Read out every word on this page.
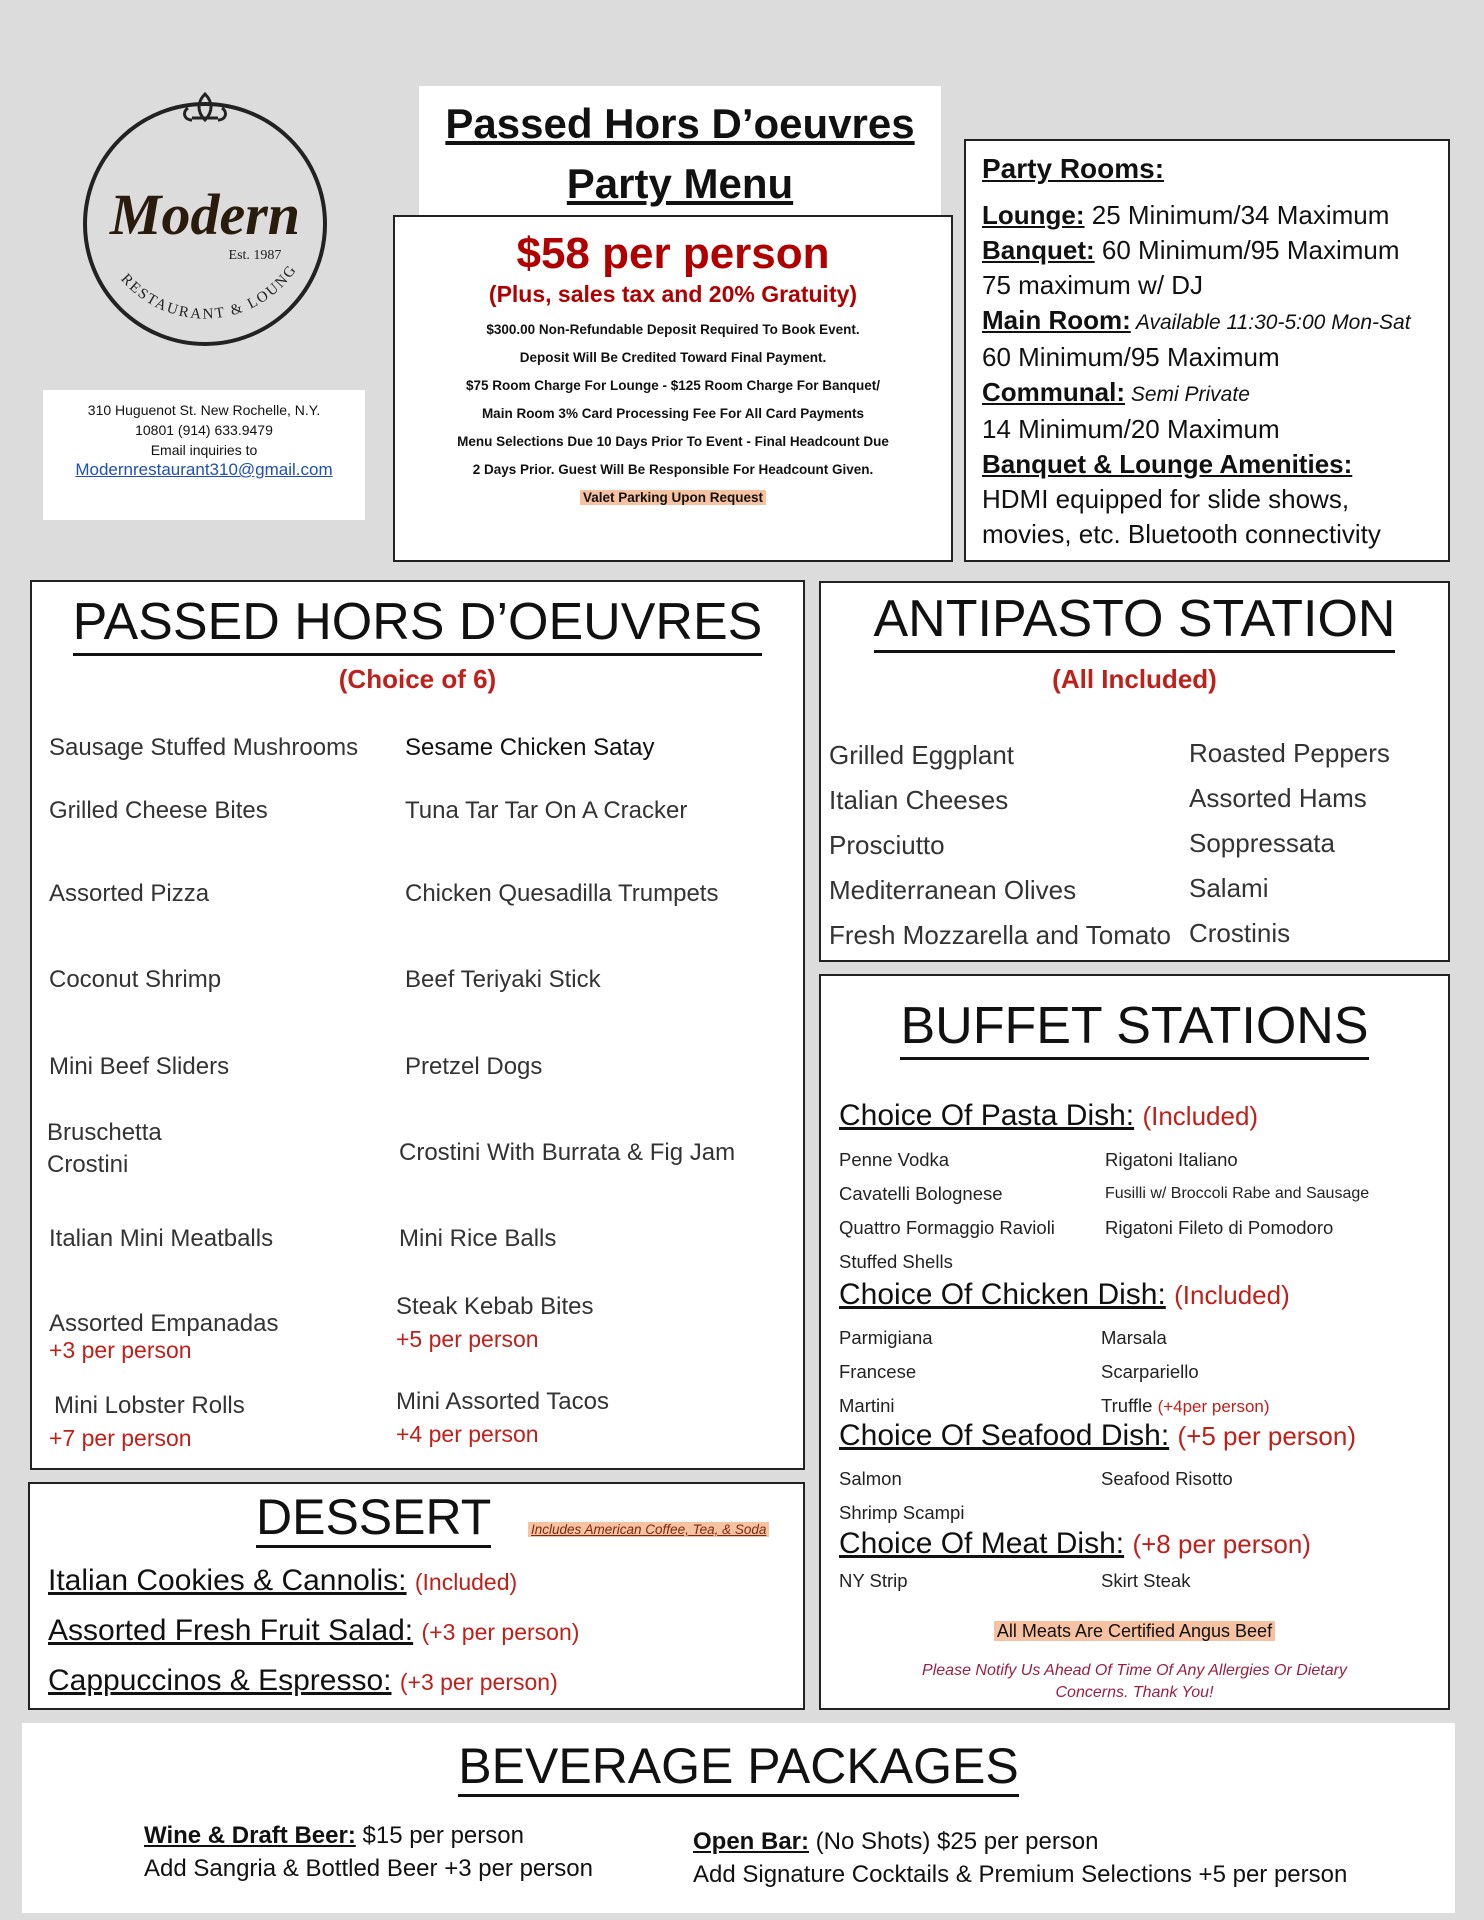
Modern
Est. 1987
RESTAURANT & LOUNG
310 Huguenot St. New Rochelle, N.Y.
10801 (914) 633.9479
Email inquiries to
Modernrestaurant310@gmail.com
Passed Hors D’oeuvres
Party Menu
$58 per person
(Plus, sales tax and 20% Gratuity)
$300.00 Non-Refundable Deposit Required To Book Event.
Deposit Will Be Credited Toward Final Payment.
$75 Room Charge For Lounge - $125 Room Charge For Banquet/
Main Room 3% Card Processing Fee For All Card Payments
Menu Selections Due 10 Days Prior To Event - Final Headcount Due
2 Days Prior. Guest Will Be Responsible For Headcount Given.
Valet Parking Upon Request
Party Rooms:
Lounge: 25 Minimum/34 Maximum
Banquet: 60 Minimum/95 Maximum
75 maximum w/ DJ
Main Room: Available 11:30-5:00 Mon-Sat
60 Minimum/95 Maximum
Communal: Semi Private
14 Minimum/20 Maximum
Banquet & Lounge Amenities:
HDMI equipped for slide shows,
movies, etc. Bluetooth connectivity
PASSED HORS D’OEUVRES
(Choice of 6)
Sausage Stuffed Mushrooms
Grilled Cheese Bites
Assorted Pizza
Coconut Shrimp
Mini Beef Sliders
Bruschetta
Crostini
Italian Mini Meatballs
Assorted Empanadas
+3 per person
Mini Lobster Rolls
+7 per person
Sesame Chicken Satay
Tuna Tar Tar On A Cracker
Chicken Quesadilla Trumpets
Beef Teriyaki Stick
Pretzel Dogs
Crostini With Burrata & Fig Jam
Mini Rice Balls
Steak Kebab Bites
+5 per person
Mini Assorted Tacos
+4 per person
ANTIPASTO STATION
(All Included)
Grilled Eggplant
Italian Cheeses
Prosciutto
Mediterranean Olives
Fresh Mozzarella and Tomato
Roasted Peppers
Assorted Hams
Soppressata
Salami
Crostinis
BUFFET STATIONS
Choice Of Pasta Dish: (Included)
Penne Vodka
Cavatelli Bolognese
Quattro Formaggio Ravioli
Stuffed Shells
Rigatoni Italiano
Fusilli w/ Broccoli Rabe and Sausage
Rigatoni Fileto di Pomodoro
Choice Of Chicken Dish: (Included)
Parmigiana
Francese
Martini
Marsala
Scarpariello
Truffle (+4per person)
Choice Of Seafood Dish: (+5 per person)
Salmon
Shrimp Scampi
Seafood Risotto
Choice Of Meat Dish: (+8 per person)
NY Strip	Skirt Steak
All Meats Are Certified Angus Beef
Please Notify Us Ahead Of Time Of Any Allergies Or Dietary
Concerns. Thank You!
DESSERT	Includes American Coffee, Tea, & Soda
Italian Cookies & Cannolis: (Included)
Assorted Fresh Fruit Salad: (+3 per person)
Cappuccinos & Espresso: (+3 per person)
BEVERAGE PACKAGES
Wine & Draft Beer: $15 per person
Add Sangria & Bottled Beer +3 per person
Open Bar: (No Shots) $25 per person
Add Signature Cocktails & Premium Selections +5 per person
